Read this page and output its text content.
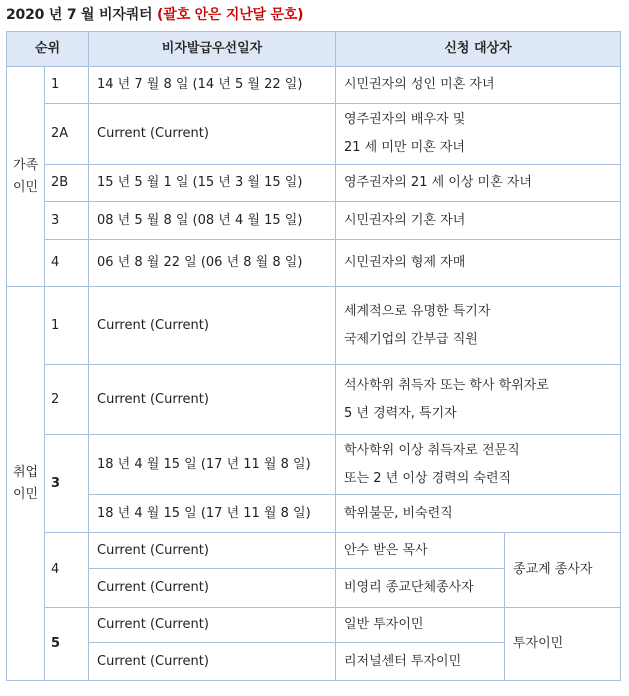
2020 년 7 월 비자쿼터 (괄호 안은 지난달 문호)
순위		비자발급우선일자	신청 대상자	

가족
이민	1	14 년 7 월 8 일 (14 년 5 월 22 일)	시민권자의 성인 미혼 자녀	
	2A	Current (Current)	영주권자의 배우자 및
21 세 미만 미혼 자녀	

	2B	15 년 5 월 1 일 (15 년 3 월 15 일)	영주권자의 21 세 이상 미혼 자녀	
	3	08 년 5 월 8 일 (08 년 4 월 15 일)	시민권자의 기혼 자녀	
	4	06 년 8 월 22 일 (06 년 8 월 8 일)	시민권자의 형제 자매	

취업
이민	1	Current (Current)	세계적으로 유명한 특기자
국제기업의 간부급 직원	

	2	Current (Current)	석사학위 취득자 또는 학사 학위자로
5 년 경력자, 특기자	

	3	18 년 4 월 15 일 (17 년 11 월 8 일)	학사학위 이상 취득자로 전문직
또는 2 년 이상 경력의 숙련직	

		18 년 4 월 15 일 (17 년 11 월 8 일)	학위불문, 비숙련직	
	4	Current (Current)	안수 받은 목사	종교계 종사자
		Current (Current)	비영리 종교단체종사자	
	5	Current (Current)	일반 투자이민	투자이민
		Current (Current)	리저널센터 투자이민	
